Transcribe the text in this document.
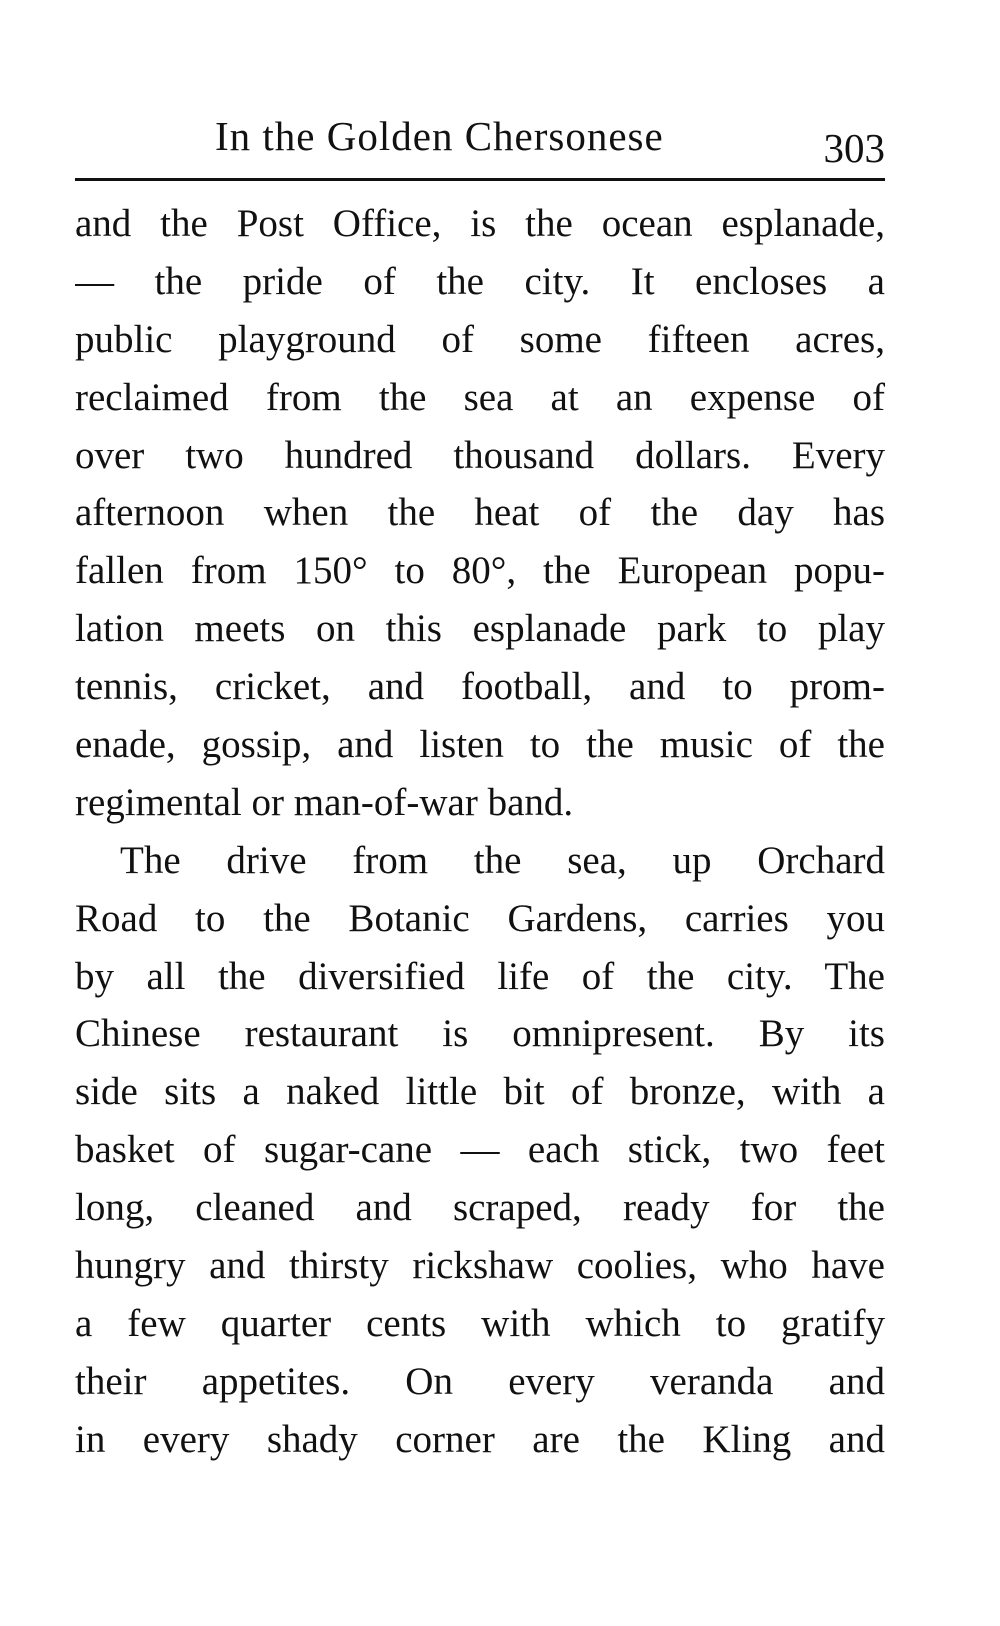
In the Golden Chersonese	303
and the Post Office, is the ocean esplanade,
— the pride of the city. It encloses a
public playground of some fifteen acres,
reclaimed from the sea at an expense of
over two hundred thousand dollars. Every
afternoon when the heat of the day has
fallen from 150° to 80°, the European popu-
lation meets on this esplanade park to play
tennis, cricket, and football, and to prom-
enade, gossip, and listen to the music of the
regimental or man-of-war band.
The drive from the sea, up Orchard
Road to the Botanic Gardens, carries you
by all the diversified life of the city. The
Chinese restaurant is omnipresent. By its
side sits a naked little bit of bronze, with a
basket of sugar-cane — each stick, two feet
long, cleaned and scraped, ready for the
hungry and thirsty rickshaw coolies, who have
a few quarter cents with which to gratify
their appetites. On every veranda and
in every shady corner are the Kling and
